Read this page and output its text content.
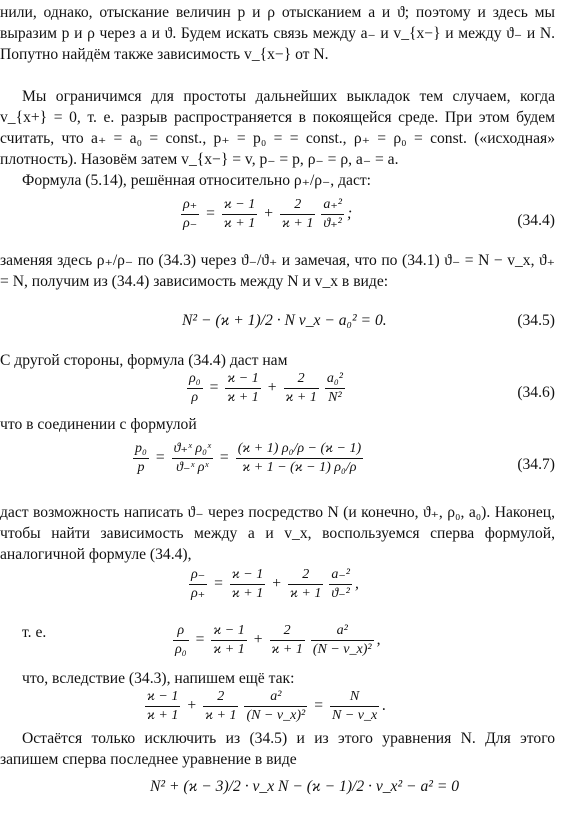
нили, однако, отыскание величин p и ρ отысканием a и ϑ; поэтому и здесь мы выразим p и ρ через a и ϑ. Будем искать связь между a₋ и v_{x−} и между ϑ₋ и N. Попутно найдём также зависимость v_{x−} от N.
Мы ограничимся для простоты дальнейших выкладок тем случаем, когда v_{x+} = 0, т. е. разрыв распространяется в покоящейся среде. При этом будем считать, что a₊ = a₀ = const., p₊ = p₀ = = const., ρ₊ = ρ₀ = const. («исходная» плотность). Назовём затем v_{x−} = v, p₋ = p, ρ₋ = ρ, a₋ = a.
Формула (5.14), решённая относительно ρ₊/ρ₋, даст:
$\frac{\rho_+}{\rho_-} = \frac{ϰ - 1}{ϰ + 1} + \frac{2}{ϰ + 1} \frac{\text{a₊²}}{\text{ϑ₊²}}$ ;	(34.4)
заменяя здесь ρ₊/ρ₋ по (34.3) через ϑ₋/ϑ₊ и замечая, что по (34.1) ϑ₋ = N − v_x, ϑ₊ = N, получим из (34.4) зависимость между N и v_x в виде:
N² − (ϰ + 1)/2 · N v_x − a₀² = 0.	(34.5)
С другой стороны, формула (34.4) даст нам
$\frac{\text{ρ₀}}{\rho} = \frac{ϰ - 1}{ϰ + 1} + \frac{2}{ϰ + 1} \frac{\text{a₀²}}{\text{N²}}$	(34.6)
что в соединении с формулой
$\frac{\text{p₀}}{p} = \frac{\text{ϑ₊ˣ ρ₀ˣ}}{\text{ϑ₋ˣ ρˣ}} = \frac{\text{(ϰ + 1) ρ₀/ρ − (ϰ − 1)}}{\text{ϰ + 1 − (ϰ − 1) ρ₀/ρ}}$	(34.7)
даст возможность написать ϑ₋ через посредство N (и конечно, ϑ₊, ρ₀, a₀). Наконец, чтобы найти зависимость между a и v_x, воспользуемся сперва формулой, аналогичной формуле (34.4),
$\frac{\rho_-}{\rho_+} = \frac{ϰ - 1}{ϰ + 1} + \frac{2}{ϰ + 1} \frac{\text{a₋²}}{\text{ϑ₋²}}$ ,
т. е.	$\frac{\rho}{\text{ρ₀}} = \frac{ϰ - 1}{ϰ + 1} + \frac{2}{ϰ + 1} \frac{\text{a²}}{\text{(N − v\_x)²}}$ ,
что, вследствие (34.3), напишем ещё так:
$\frac{ϰ - 1}{ϰ + 1} + \frac{2}{ϰ + 1} \frac{\text{a²}}{\text{(N − v\_x)²}} = \frac{N}{N - v\_x}$ .
Остаётся только исключить из (34.5) и из этого уравнения N. Для этого запишем сперва последнее уравнение в виде
N² + (ϰ − 3)/2 · v_x N − (ϰ − 1)/2 · v_x² − a² = 0
